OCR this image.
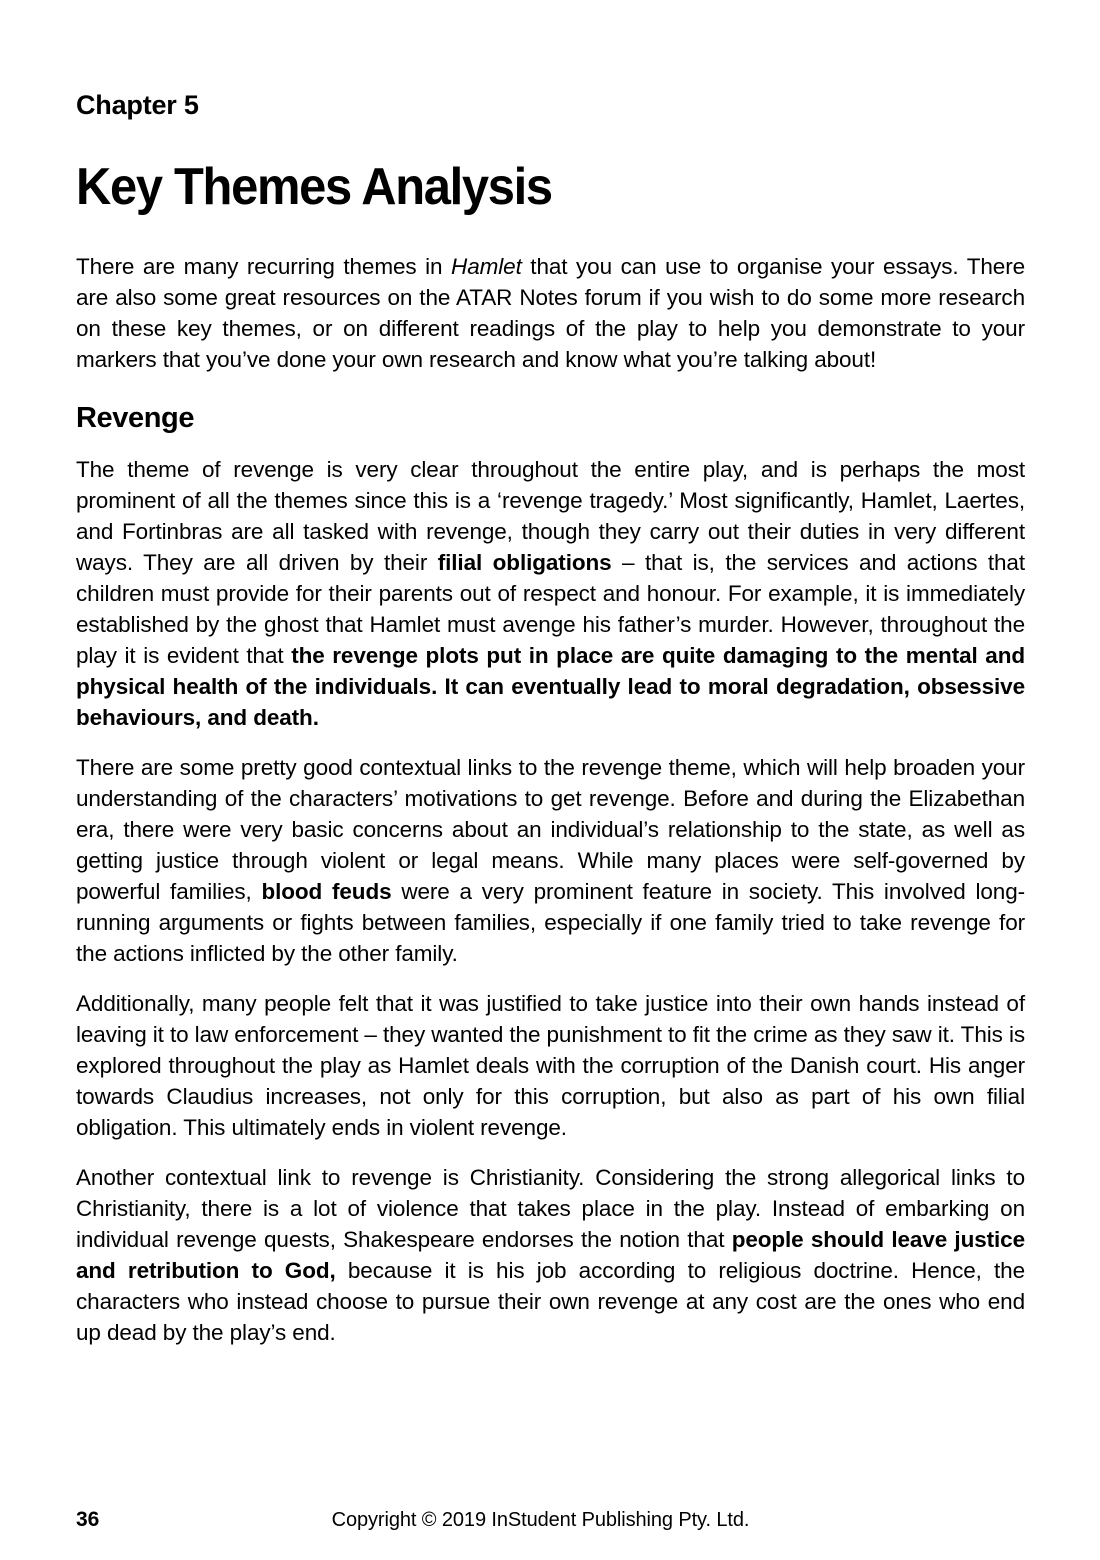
Chapter 5
Key Themes Analysis

There are many recurring themes in Hamlet that you can use to organise your essays. There are also some great resources on the ATAR Notes forum if you wish to do some more research on these key themes, or on different readings of the play to help you demonstrate to your markers that you’ve done your own research and know what you’re talking about!

Revenge

The theme of revenge is very clear throughout the entire play, and is perhaps the most prominent of all the themes since this is a ‘revenge tragedy.’ Most significantly, Hamlet, Laertes, and Fortinbras are all tasked with revenge, though they carry out their duties in very different ways. They are all driven by their filial obligations – that is, the services and actions that children must provide for their parents out of respect and honour. For example, it is immediately established by the ghost that Hamlet must avenge his father’s murder. However, throughout the play it is evident that the revenge plots put in place are quite damaging to the mental and physical health of the individuals. It can eventually lead to moral degradation, obsessive behaviours, and death.

There are some pretty good contextual links to the revenge theme, which will help broaden your understanding of the characters’ motivations to get revenge. Before and during the Elizabethan era, there were very basic concerns about an individual’s relationship to the state, as well as getting justice through violent or legal means. While many places were self-governed by powerful families, blood feuds were a very prominent feature in society. This involved long-running arguments or fights between families, especially if one family tried to take revenge for the actions inflicted by the other family.

Additionally, many people felt that it was justified to take justice into their own hands instead of leaving it to law enforcement – they wanted the punishment to fit the crime as they saw it. This is explored throughout the play as Hamlet deals with the corruption of the Danish court. His anger towards Claudius increases, not only for this corruption, but also as part of his own filial obligation. This ultimately ends in violent revenge.

Another contextual link to revenge is Christianity. Considering the strong allegorical links to Christianity, there is a lot of violence that takes place in the play. Instead of embarking on individual revenge quests, Shakespeare endorses the notion that people should leave justice and retribution to God, because it is his job according to religious doctrine. Hence, the characters who instead choose to pursue their own revenge at any cost are the ones who end up dead by the play’s end.

36	Copyright © 2019 InStudent Publishing Pty. Ltd.
